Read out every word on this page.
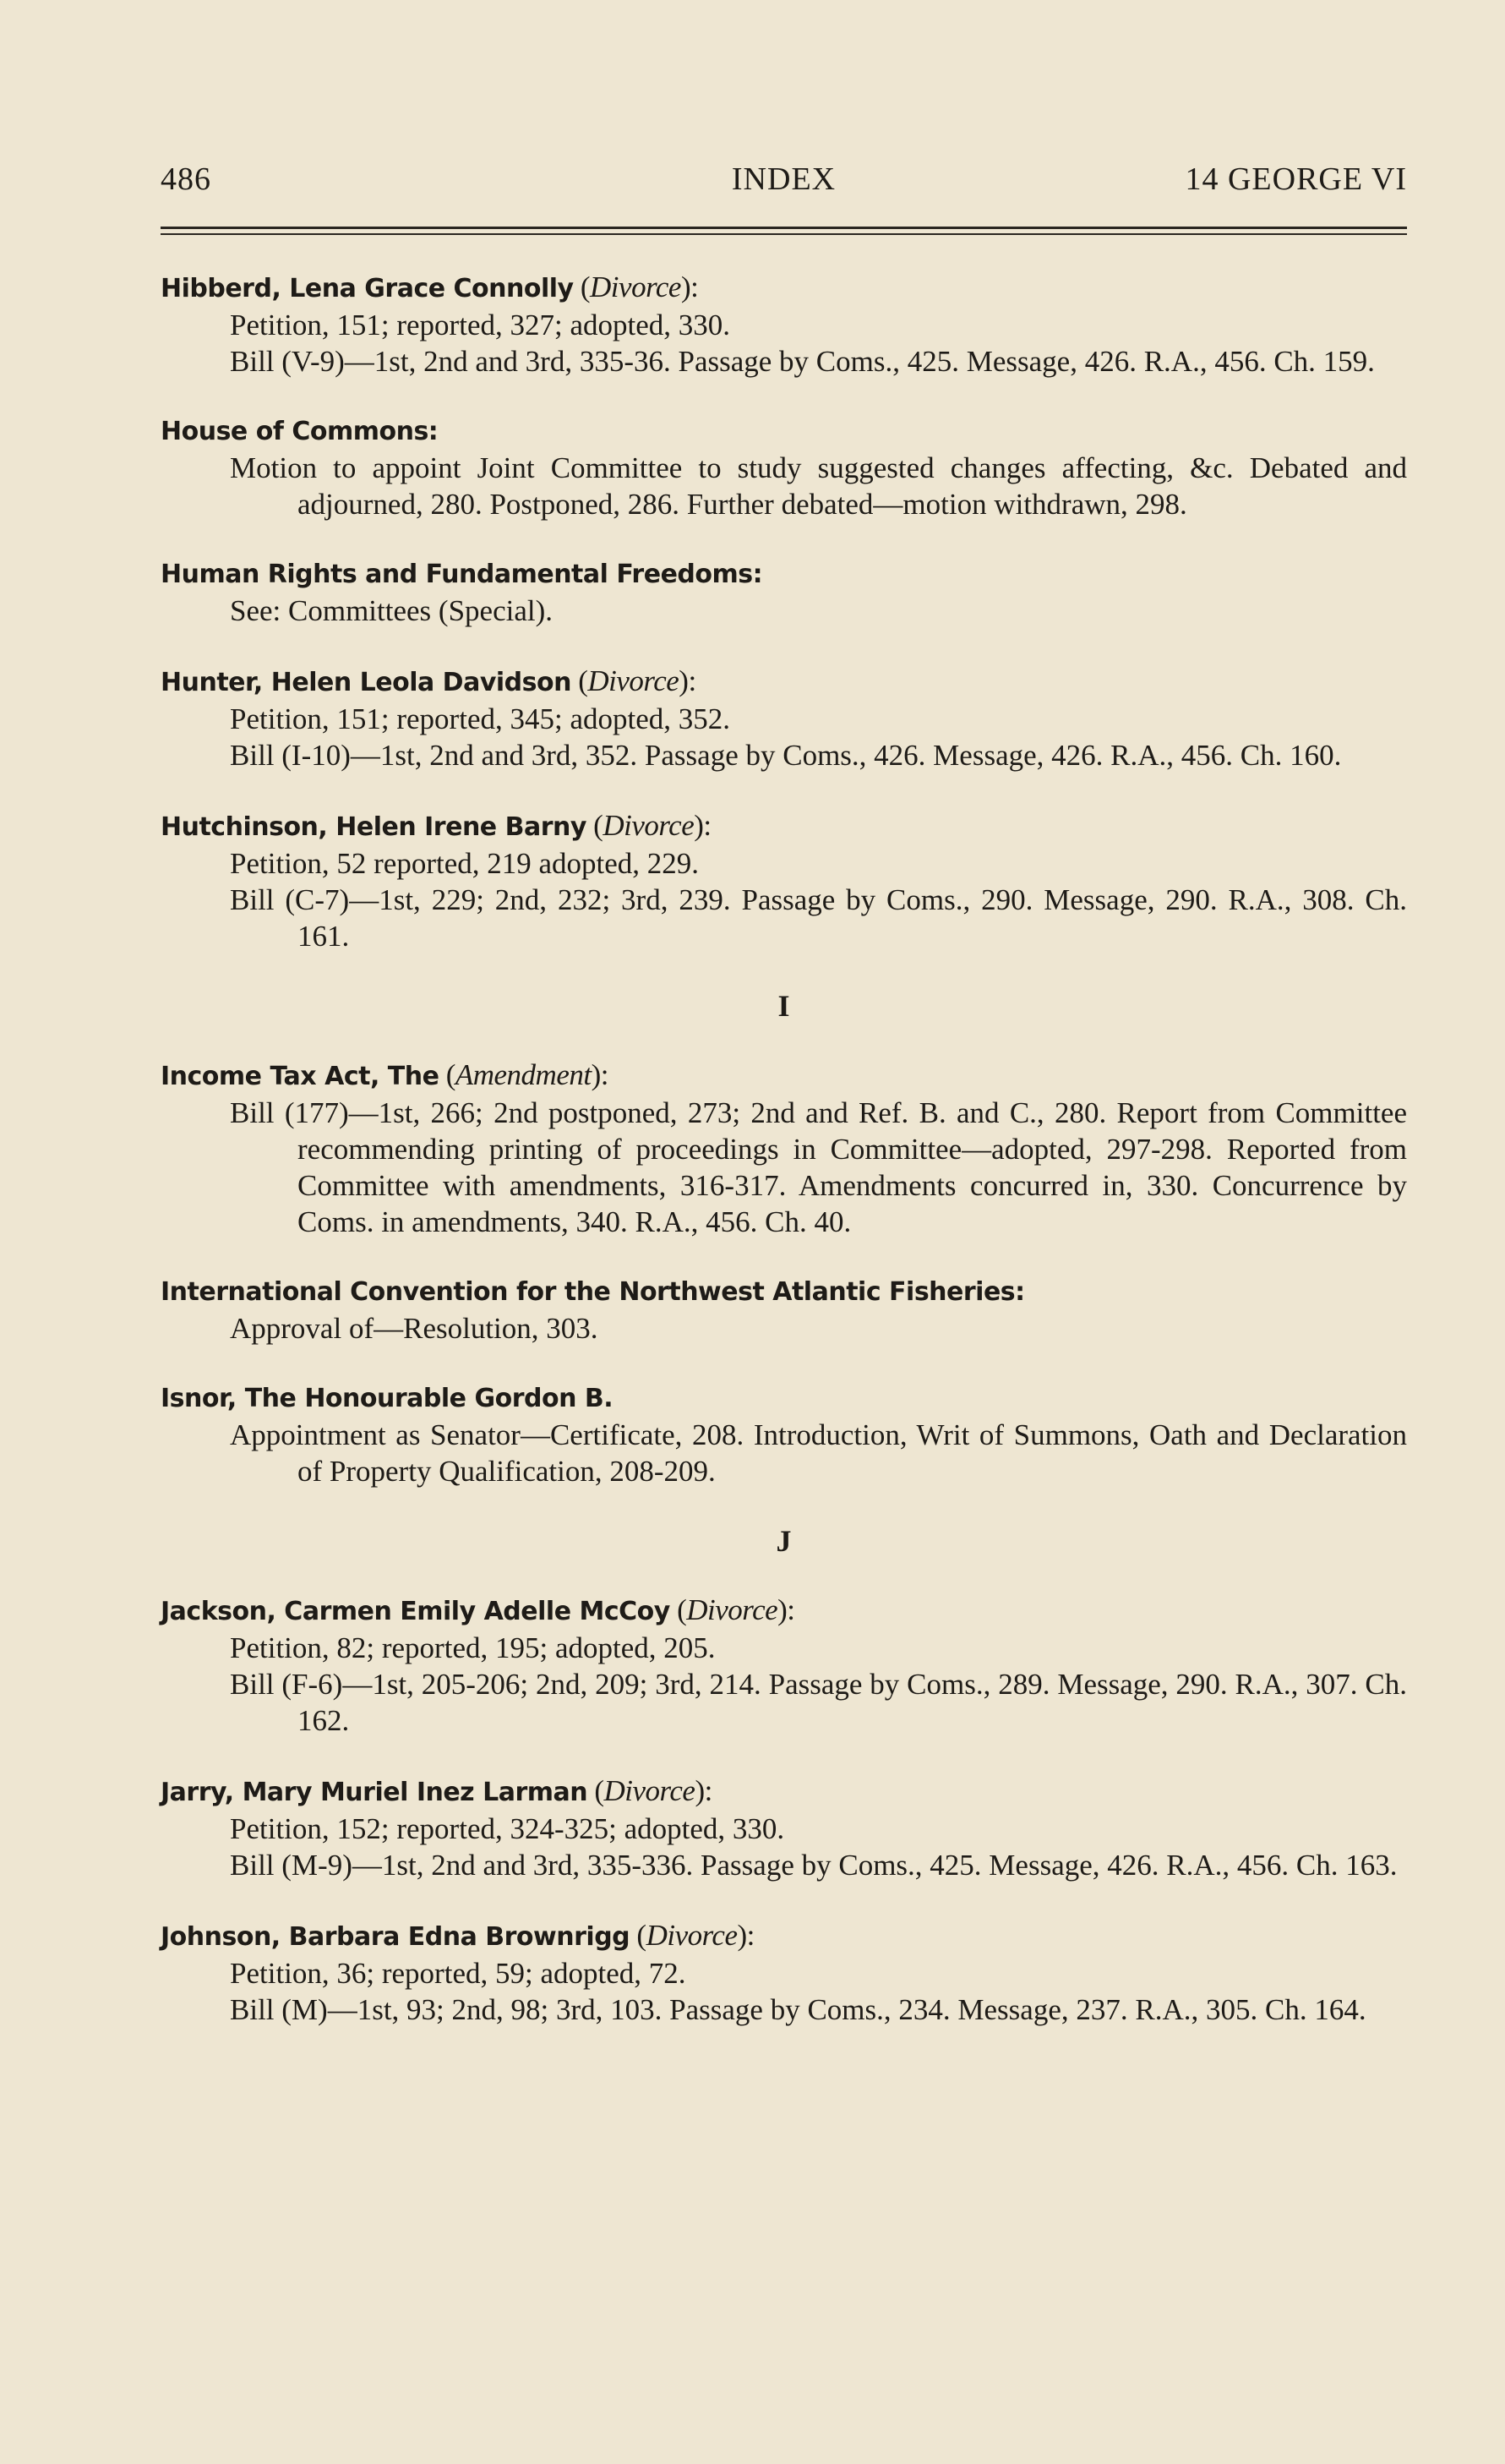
486	INDEX	14 GEORGE VI
Hibberd, Lena Grace Connolly (Divorce):
Petition, 151; reported, 327; adopted, 330.
Bill (V-9)—1st, 2nd and 3rd, 335-36. Passage by Coms., 425. Message, 426. R.A., 456. Ch. 159.
House of Commons:
Motion to appoint Joint Committee to study suggested changes affecting, &c. Debated and adjourned, 280. Postponed, 286. Further debated—motion withdrawn, 298.
Human Rights and Fundamental Freedoms:
See: Committees (Special).
Hunter, Helen Leola Davidson (Divorce):
Petition, 151; reported, 345; adopted, 352.
Bill (I-10)—1st, 2nd and 3rd, 352. Passage by Coms., 426. Message, 426. R.A., 456. Ch. 160.
Hutchinson, Helen Irene Barny (Divorce):
Petition, 52 reported, 219 adopted, 229.
Bill (C-7)—1st, 229; 2nd, 232; 3rd, 239. Passage by Coms., 290. Message, 290. R.A., 308. Ch. 161.
I
Income Tax Act, The (Amendment):
Bill (177)—1st, 266; 2nd postponed, 273; 2nd and Ref. B. and C., 280. Report from Committee recommending printing of proceedings in Committee—adopted, 297-298. Reported from Committee with amendments, 316-317. Amendments concurred in, 330. Concurrence by Coms. in amendments, 340. R.A., 456. Ch. 40.
International Convention for the Northwest Atlantic Fisheries:
Approval of—Resolution, 303.
Isnor, The Honourable Gordon B.
Appointment as Senator—Certificate, 208. Introduction, Writ of Summons, Oath and Declaration of Property Qualification, 208-209.
J
Jackson, Carmen Emily Adelle McCoy (Divorce):
Petition, 82; reported, 195; adopted, 205.
Bill (F-6)—1st, 205-206; 2nd, 209; 3rd, 214. Passage by Coms., 289. Message, 290. R.A., 307. Ch. 162.
Jarry, Mary Muriel Inez Larman (Divorce):
Petition, 152; reported, 324-325; adopted, 330.
Bill (M-9)—1st, 2nd and 3rd, 335-336. Passage by Coms., 425. Message, 426. R.A., 456. Ch. 163.
Johnson, Barbara Edna Brownrigg (Divorce):
Petition, 36; reported, 59; adopted, 72.
Bill (M)—1st, 93; 2nd, 98; 3rd, 103. Passage by Coms., 234. Message, 237. R.A., 305. Ch. 164.
